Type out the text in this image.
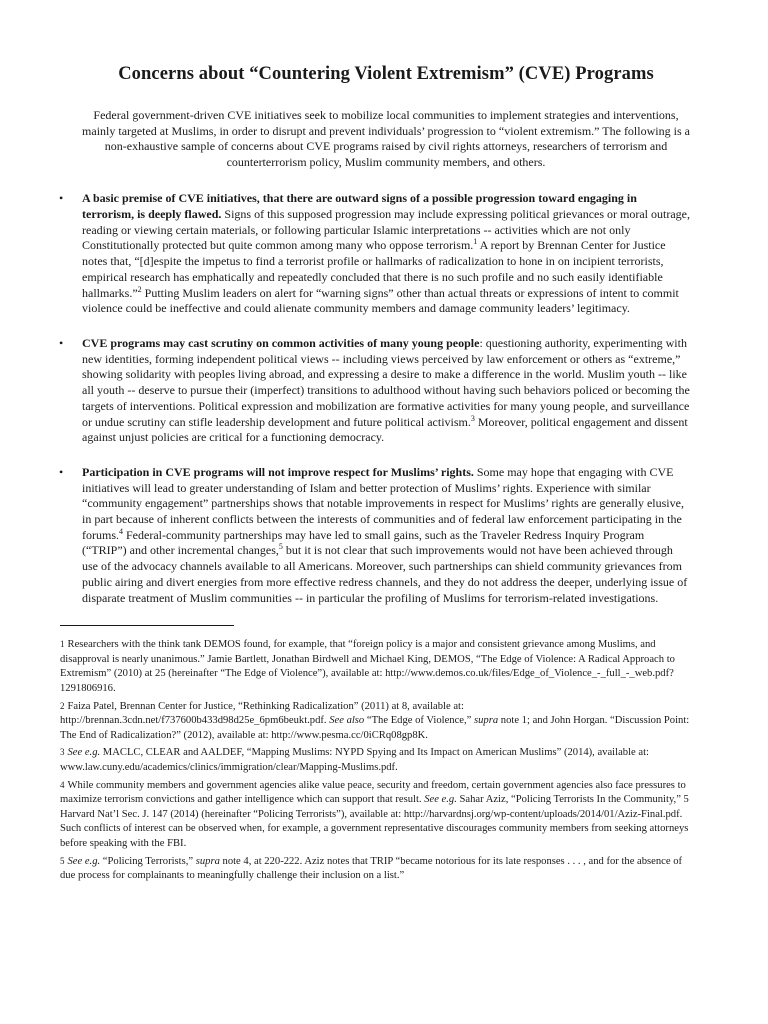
Concerns about “Countering Violent Extremism” (CVE) Programs

Federal government-driven CVE initiatives seek to mobilize local communities to implement strategies and interventions, mainly targeted at Muslims, in order to disrupt and prevent individuals’ progression to “violent extremism.” The following is a non-exhaustive sample of concerns about CVE programs raised by civil rights attorneys, researchers of terrorism and counterterrorism policy, Muslim community members, and others.

• A basic premise of CVE initiatives, that there are outward signs of a possible progression toward engaging in terrorism, is deeply flawed. Signs of this supposed progression may include expressing political grievances or moral outrage, reading or viewing certain materials, or following particular Islamic interpretations -- activities which are not only Constitutionally protected but quite common among many who oppose terrorism.$^1$ A report by Brennan Center for Justice notes that, “[d]espite the impetus to find a terrorist profile or hallmarks of radicalization to hone in on incipient terrorists, empirical research has emphatically and repeatedly concluded that there is no such profile and no such easily identifiable hallmarks.”$^2$ Putting Muslim leaders on alert for “warning signs” other than actual threats or expressions of intent to commit violence could be ineffective and could alienate community members and damage community leaders’ legitimacy.

• CVE programs may cast scrutiny on common activities of many young people: questioning authority, experimenting with new identities, forming independent political views -- including views perceived by law enforcement or others as “extreme,” showing solidarity with peoples living abroad, and expressing a desire to make a difference in the world. Muslim youth -- like all youth -- deserve to pursue their (imperfect) transitions to adulthood without having such behaviors policed or becoming the targets of interventions. Political expression and mobilization are formative activities for many young people, and surveillance or undue scrutiny can stifle leadership development and future political activism.$^3$ Moreover, political engagement and dissent against unjust policies are critical for a functioning democracy.

• Participation in CVE programs will not improve respect for Muslims’ rights. Some may hope that engaging with CVE initiatives will lead to greater understanding of Islam and better protection of Muslims’ rights. Experience with similar “community engagement” partnerships shows that notable improvements in respect for Muslims’ rights are generally elusive, in part because of inherent conflicts between the interests of communities and of federal law enforcement participating in the forums.$^4$ Federal-community partnerships may have led to small gains, such as the Traveler Redress Inquiry Program (“TRIP”) and other incremental changes,$^5$ but it is not clear that such improvements would not have been achieved through use of the advocacy channels available to all Americans. Moreover, such partnerships can shield community grievances from public airing and divert energies from more effective redress channels, and they do not address the deeper, underlying issue of disparate treatment of Muslim communities -- in particular the profiling of Muslims for terrorism-related investigations.

$^1$ Researchers with the think tank DEMOS found, for example, that “foreign policy is a major and consistent grievance among Muslims, and disapproval is nearly unanimous.” Jamie Bartlett, Jonathan Birdwell and Michael King, DEMOS, “The Edge of Violence: A Radical Approach to Extremism” (2010) at 25 (hereinafter “The Edge of Violence”), available at: http://www.demos.co.uk/files/Edge_of_Violence_-_full_-_web.pdf?1291806916.

$^2$ Faiza Patel, Brennan Center for Justice, “Rethinking Radicalization” (2011) at 8, available at: http://brennan.3cdn.net/f737600b433d98d25e_6pm6beukt.pdf. See also “The Edge of Violence,” supra note 1; and John Horgan. “Discussion Point: The End of Radicalization?” (2012), available at: http://www.pesma.cc/0iCRq08gp8K.

$^3$ See e.g. MACLC, CLEAR and AALDEF, “Mapping Muslims: NYPD Spying and Its Impact on American Muslims” (2014), available at: www.law.cuny.edu/academics/clinics/immigration/clear/Mapping-Muslims.pdf.

$^4$ While community members and government agencies alike value peace, security and freedom, certain government agencies also face pressures to maximize terrorism convictions and gather intelligence which can support that result. See e.g. Sahar Aziz, “Policing Terrorists In the Community,” 5 Harvard Nat’l Sec. J. 147 (2014) (hereinafter “Policing Terrorists”), available at: http://harvardnsj.org/wp-content/uploads/2014/01/Aziz-Final.pdf. Such conflicts of interest can be observed when, for example, a government representative discourages community members from seeking attorneys before speaking with the FBI.

$^5$ See e.g. “Policing Terrorists,” supra note 4, at 220-222. Aziz notes that TRIP “became notorious for its late responses . . . , and for the absence of due process for complainants to meaningfully challenge their inclusion on a list.”
